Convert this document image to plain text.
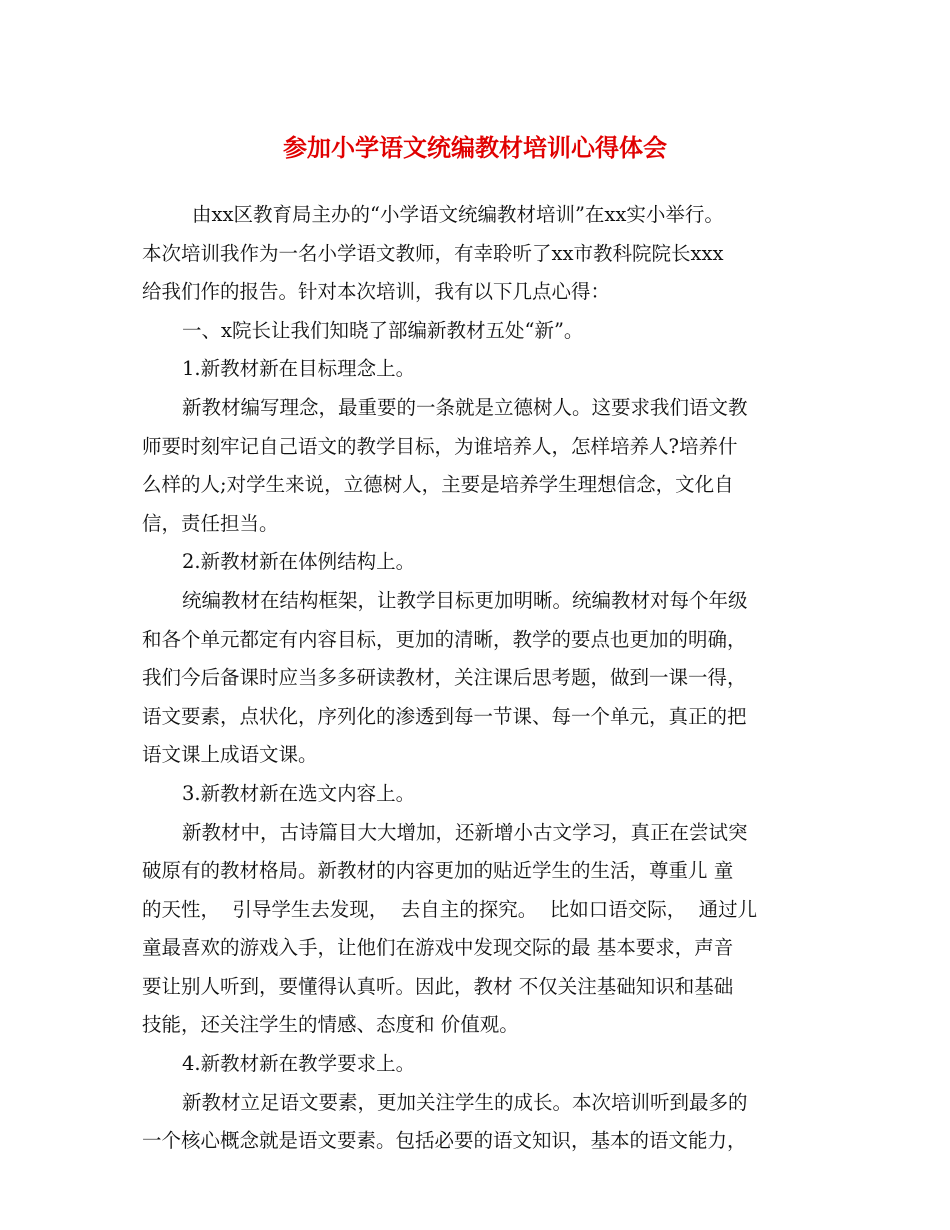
参加小学语文统编教材培训心得体会
由xx区教育局主办的“小学语文统编教材培训”在xx实小举行。
本次培训我作为一名小学语文教师，有幸聆听了xx市教科院院长xxx
给我们作的报告。针对本次培训，我有以下几点心得：
一、x院长让我们知晓了部编新教材五处“新”。
1.新教材新在目标理念上。
新教材编写理念，最重要的一条就是立德树人。这要求我们语文教
师要时刻牢记自己语文的教学目标，为谁培养人，怎样培养人?培养什
么样的人;对学生来说，立德树人，主要是培养学生理想信念，文化自
信，责任担当。
2.新教材新在体例结构上。
统编教材在结构框架，让教学目标更加明晰。统编教材对每个年级
和各个单元都定有内容目标，更加的清晰，教学的要点也更加的明确，
我们今后备课时应当多多研读教材，关注课后思考题，做到一课一得，
语文要素，点状化，序列化的渗透到每一节课、每一个单元，真正的把
语文课上成语文课。
3.新教材新在选文内容上。
新教材中，古诗篇目大大增加，还新增小古文学习，真正在尝试突
破原有的教材格局。新教材的内容更加的贴近学生的生活，尊重儿 童
的天性，  引导学生去发现，  去自主的探究。  比如口语交际，  通过儿
童最喜欢的游戏入手，让他们在游戏中发现交际的最 基本要求，声音
要让别人听到，要懂得认真听。因此，教材 不仅关注基础知识和基础
技能，还关注学生的情感、态度和 价值观。
4.新教材新在教学要求上。
新教材立足语文要素，更加关注学生的成长。本次培训听到最多的
一个核心概念就是语文要素。包括必要的语文知识，基本的语文能力，
